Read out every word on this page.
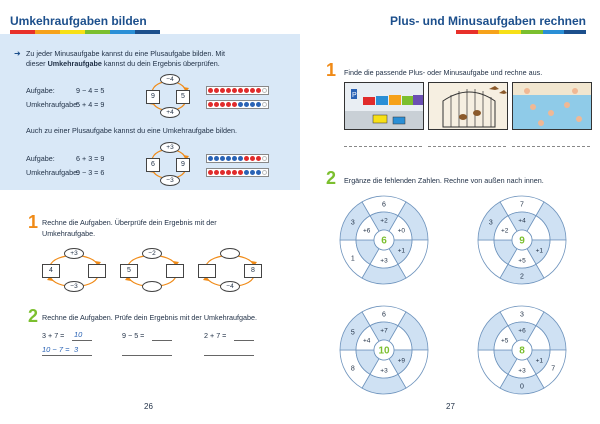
Umkehraufgaben bilden
➜ Zu jeder Minusaufgabe kannst du eine Plusaufgabe bilden. Mit
dieser Umkehraufgabe kannst du dein Ergebnis überprüfen.
Aufgabe:	9 − 4 = 5
Umkehraufgabe:
5 + 4 = 9
−4
+4
9	5
Auch zu einer Plusaufgabe kannst du eine Umkehraufgabe bilden.
Aufgabe:	6 + 3 = 9
Umkehraufgabe:
9 − 3 = 6
+3
−3
6	9
1 Rechne die Aufgaben. Überprüfe dein Ergebnis mit der
Umkehraufgabe.
+3
−3
4
−2
5
−4
8
2 Rechne die Aufgaben. Prüfe dein Ergebnis mit der Umkehraufgabe.
3 + 7 = 10
10 − 7 = 3
9 − 5 =	2 + 7 =
26
Plus- und Minusaufgaben rechnen
1 Finde die passende Plus- oder Minusaufgabe und rechne aus.
P
2 Ergänze die fehlenden Zahlen. Rechne von außen nach innen.
6
+2
+0
+1
+3
1
3
+6
6
7
+4
+1
2
+5
3
+2
9
6
+7
+9
+3
8
5
+4
10
3
+6
7
+1
0
+3
+5
8
27
